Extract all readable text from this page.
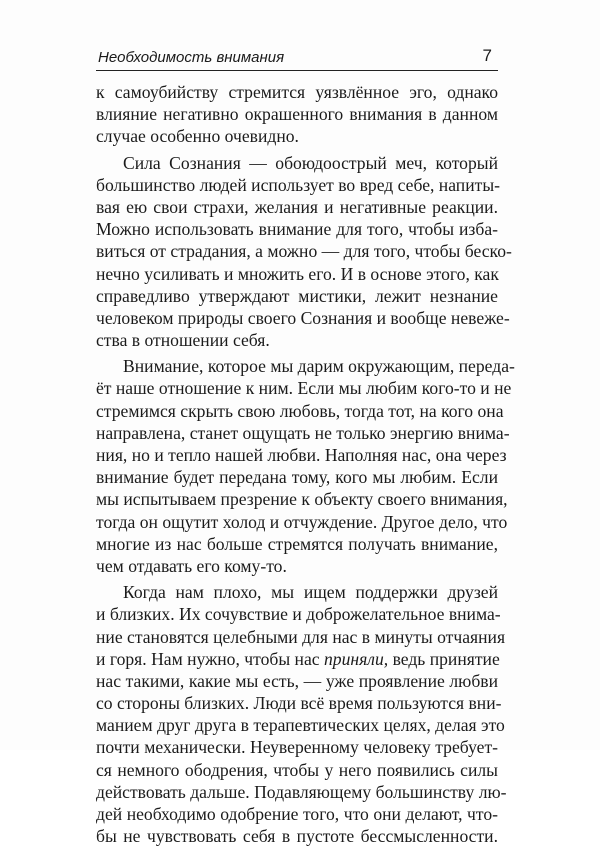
Необходимость внимания	7
к самоубийству стремится уязвлённое эго, однако
влияние негативно окрашенного внимания в данном
случае особенно очевидно.
Сила Сознания — обоюдоострый меч, который
большинство людей использует во вред себе, напиты-
вая ею свои страхи, желания и негативные реакции.
Можно использовать внимание для того, чтобы изба-
виться от страдания, а можно — для того, чтобы беско-
нечно усиливать и множить его. И в основе этого, как
справедливо утверждают мистики, лежит незнание
человеком природы своего Сознания и вообще невеже-
ства в отношении себя.
Внимание, которое мы дарим окружающим, переда-
ёт наше отношение к ним. Если мы любим кого-то и не
стремимся скрыть свою любовь, тогда тот, на кого она
направлена, станет ощущать не только энергию внима-
ния, но и тепло нашей любви. Наполняя нас, она через
внимание будет передана тому, кого мы любим. Если
мы испытываем презрение к объекту своего внимания,
тогда он ощутит холод и отчуждение. Другое дело, что
многие из нас больше стремятся получать внимание,
чем отдавать его кому-то.
Когда нам плохо, мы ищем поддержки друзей
и близких. Их сочувствие и доброжелательное внима-
ние становятся целебными для нас в минуты отчаяния
и горя. Нам нужно, чтобы нас приняли, ведь принятие
нас такими, какие мы есть, — уже проявление любви
со стороны близких. Люди всё время пользуются вни-
манием друг друга в терапевтических целях, делая это
почти механически. Неуверенному человеку требует-
ся немного ободрения, чтобы у него появились силы
действовать дальше. Подавляющему большинству лю-
дей необходимо одобрение того, что они делают, что-
бы не чувствовать себя в пустоте бессмысленности.
